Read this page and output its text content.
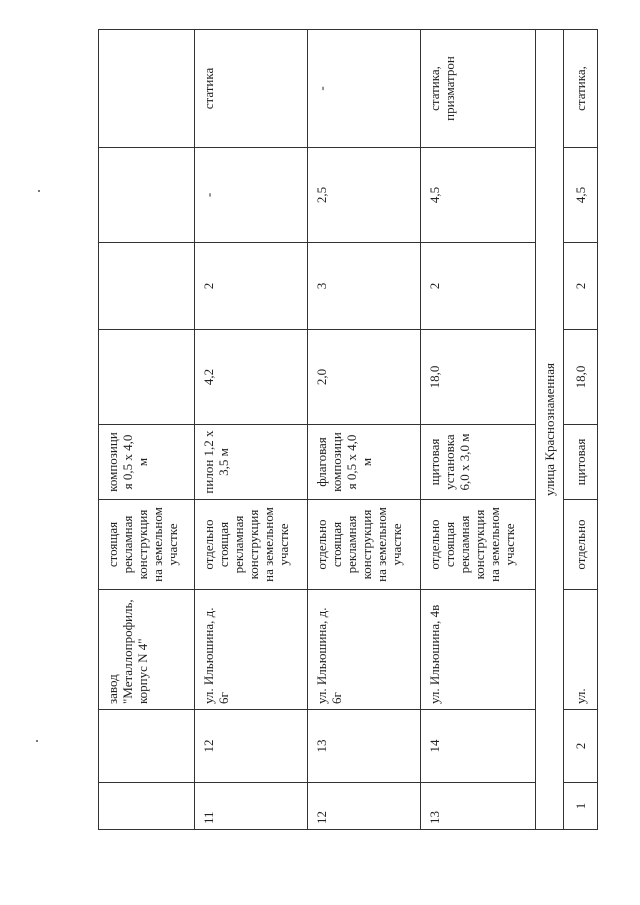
		завод "Металлопрофиль, корпус N 4"	стоящая рекламная конструкция на земельном участке	композици я 0,5 х 4,0 м				
11	12	ул. Ильюшина, д. 6г	отдельно стоящая рекламная конструкция на земельном участке	пилон 1,2 х 3,5 м	4,2	2	-	статика
12	13	ул. Ильюшина, д. 6г	отдельно стоящая рекламная конструкция на земельном участке	флаговая композици я 0,5 х 4,0 м	2,0	3	2,5	-
13	14	ул. Ильюшина, 4в	отдельно стоящая рекламная конструкция на земельном участке	щитовая установка 6,0 х 3,0 м	18,0	2	4,5	статика, призматрон
улица Краснознаменная								
1	2	ул.	отдельно	щитовая	18,0	2	4,5	статика,
